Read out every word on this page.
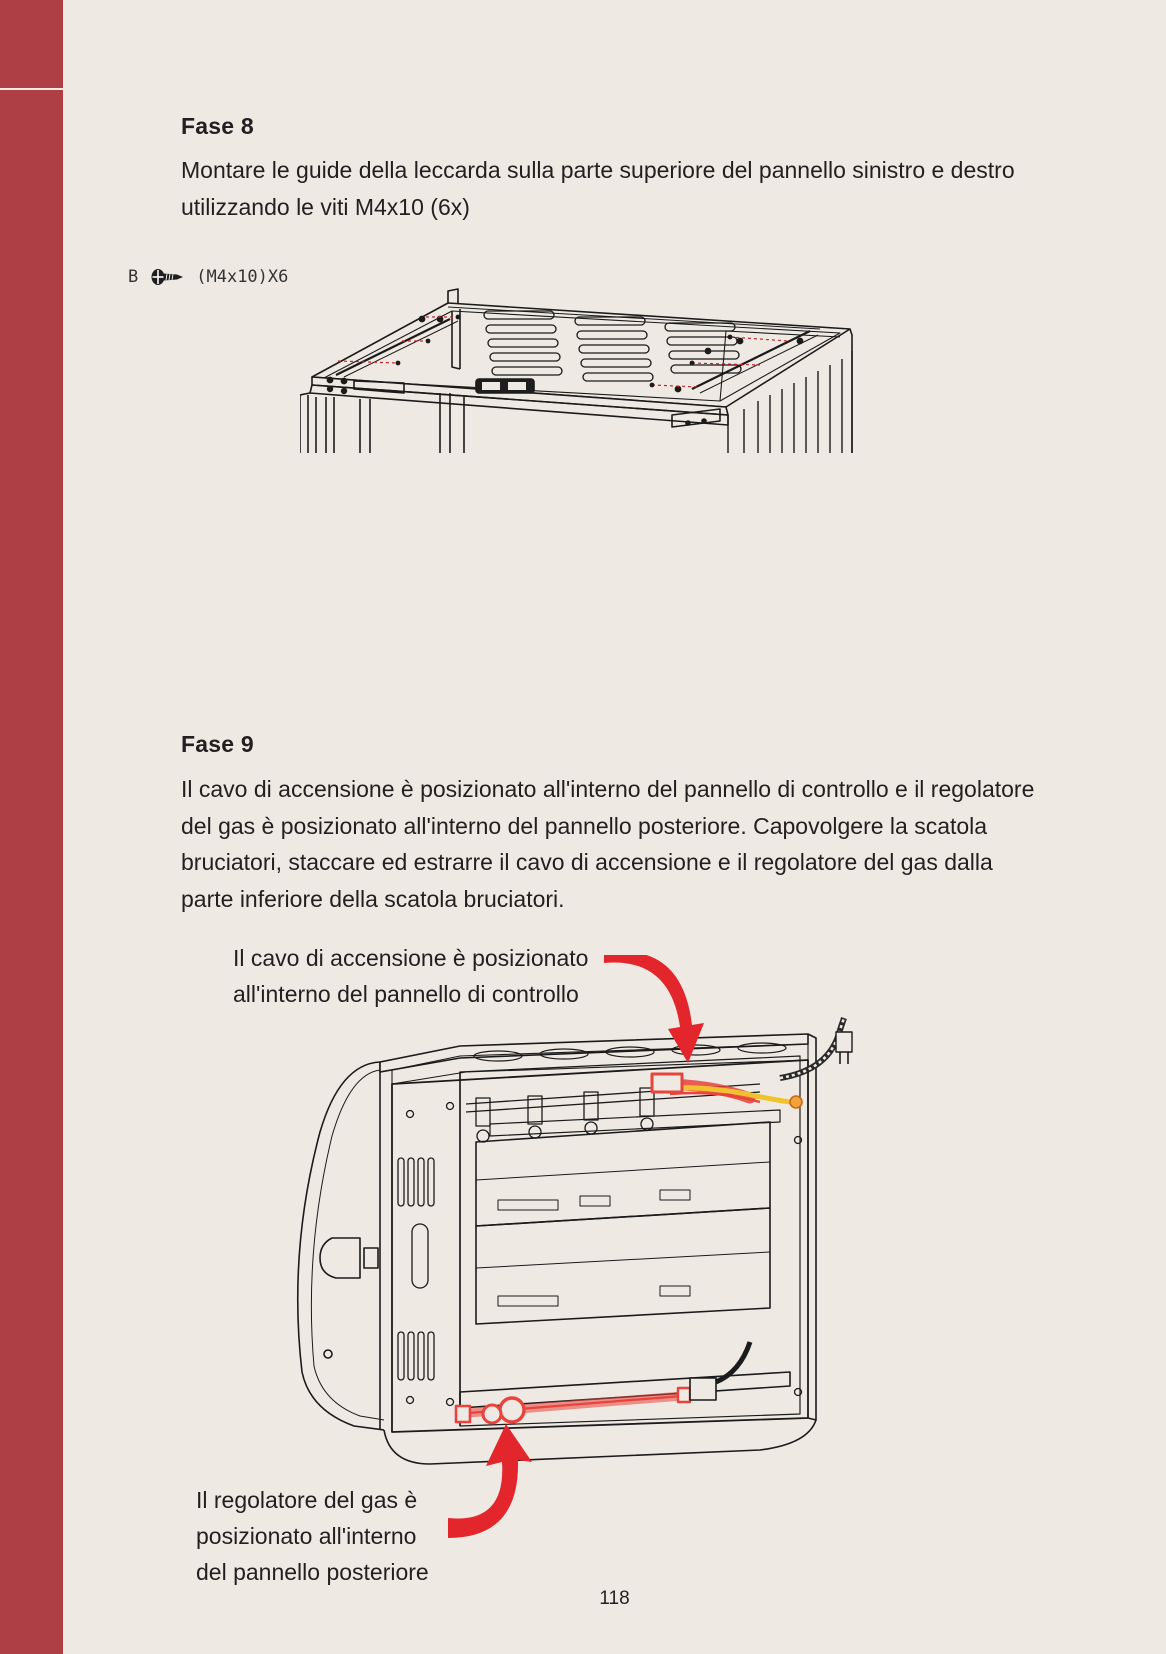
Fase 8

Montare le guide della leccarda sulla parte superiore del pannello sinistro e destro
utilizzando le viti M4x10 (6x)

B	(M4x10)X6
Fase 9

Il cavo di accensione è posizionato all'interno del pannello di controllo e il regolatore
del gas è posizionato all'interno del pannello posteriore. Capovolgere la scatola
bruciatori, staccare ed estrarre il cavo di accensione e il regolatore del gas dalla
parte inferiore della scatola bruciatori.

Il cavo di accensione è posizionato
all'interno del pannello di controllo

Il regolatore del gas è
posizionato all'interno
del pannello posteriore

118
